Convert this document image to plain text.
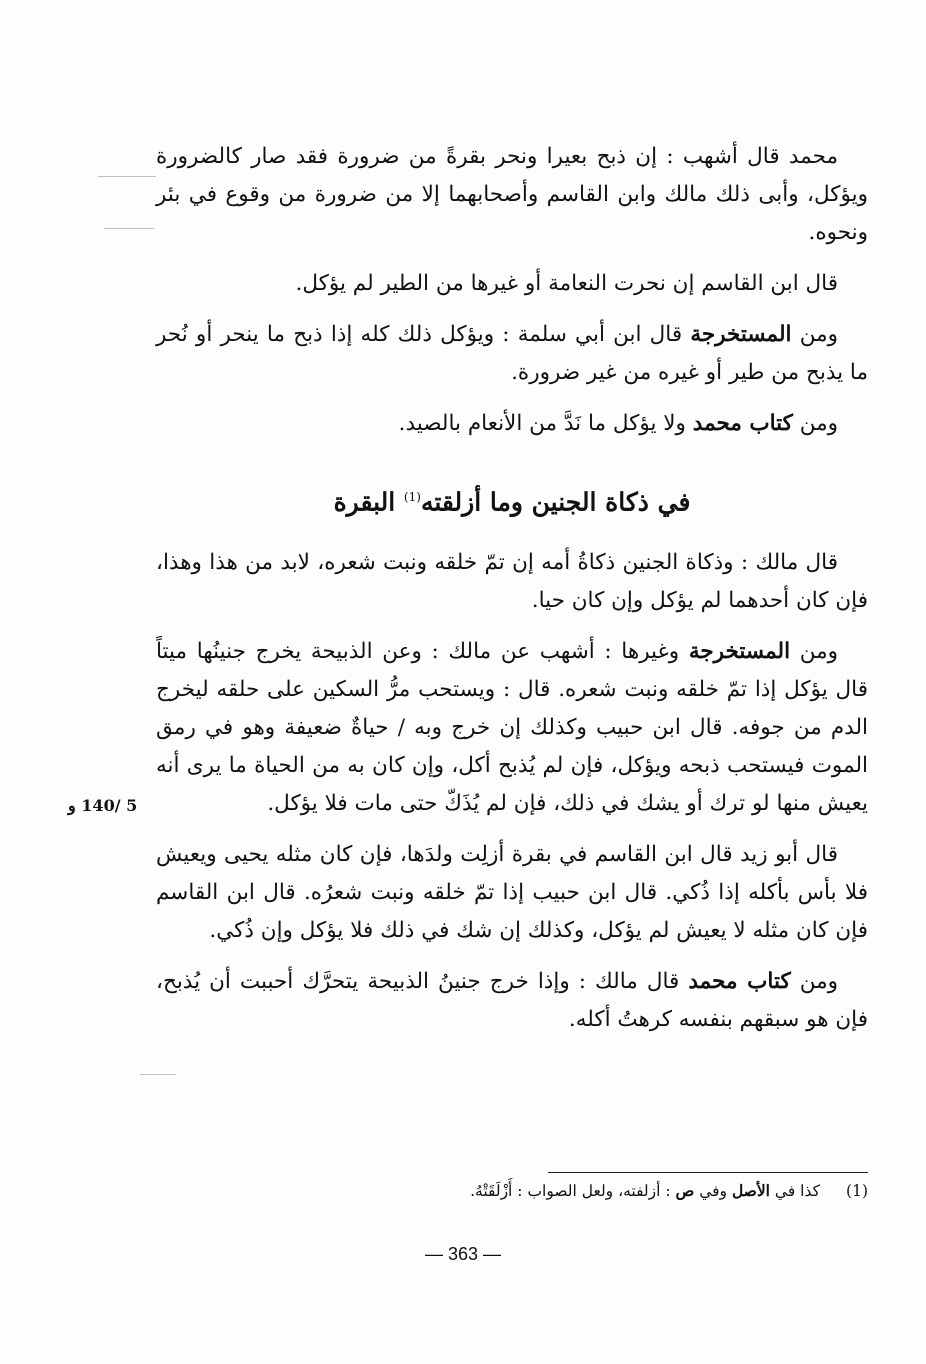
محمد قال أشهب : إن ذبح بعيرا ونحر بقرةً من ضرورة فقد صار كالضرورة ويؤكل، وأبى ذلك مالك وابن القاسم وأصحابهما إلا من ضرورة من وقوع في بئر ونحوه.

قال ابن القاسم إن نحرت النعامة أو غيرها من الطير لم يؤكل.

ومن المستخرجة قال ابن أبي سلمة : ويؤكل ذلك كله إذا ذبح ما ينحر أو نُحر ما يذبح من طير أو غيره من غير ضرورة.

ومن كتاب محمد ولا يؤكل ما نَدَّ من الأنعام بالصيد.

في ذكاة الجنين وما أزلقته$^{(1)}$ البقرة

قال مالك : وذكاة الجنين ذكاةُ أمه إن تمّ خلقه ونبت شعره، لابد من هذا وهذا، فإن كان أحدهما لم يؤكل وإن كان حيا.

ومن المستخرجة وغيرها : أشهب عن مالك : وعن الذبيحة يخرج جنينُها ميتاً قال يؤكل إذا تمّ خلقه ونبت شعره. قال : ويستحب مرُّ السكين على حلقه ليخرج الدم من جوفه. قال ابن حبيب وكذلك إن خرج وبه / حياةٌ ضعيفة وهو في رمق الموت فيستحب ذبحه ويؤكل، فإن لم يُذبح أكل، وإن كان به من الحياة ما يرى أنه يعيش منها لو ترك أو يشك في ذلك، فإن لم يُذَكّ حتى مات فلا يؤكل.

قال أبو زيد قال ابن القاسم في بقرة أزلِت ولدَها، فإن كان مثله يحيى ويعيش فلا بأس بأكله إذا ذُكي. قال ابن حبيب إذا تمّ خلقه ونبت شعرُه. قال ابن القاسم فإن كان مثله لا يعيش لم يؤكل، وكذلك إن شك في ذلك فلا يؤكل وإن ذُكي.

ومن كتاب محمد قال مالك : وإذا خرج جنينُ الذبيحة يتحرَّك أحببت أن يُذبح، فإن هو سبقهم بنفسه كرهتُ أكله.

5 /140 و
(1)كذا في الأصل وفي ص : أزلفته، ولعل الصواب : أَزْلَقَتْهُ.
— 363 —
